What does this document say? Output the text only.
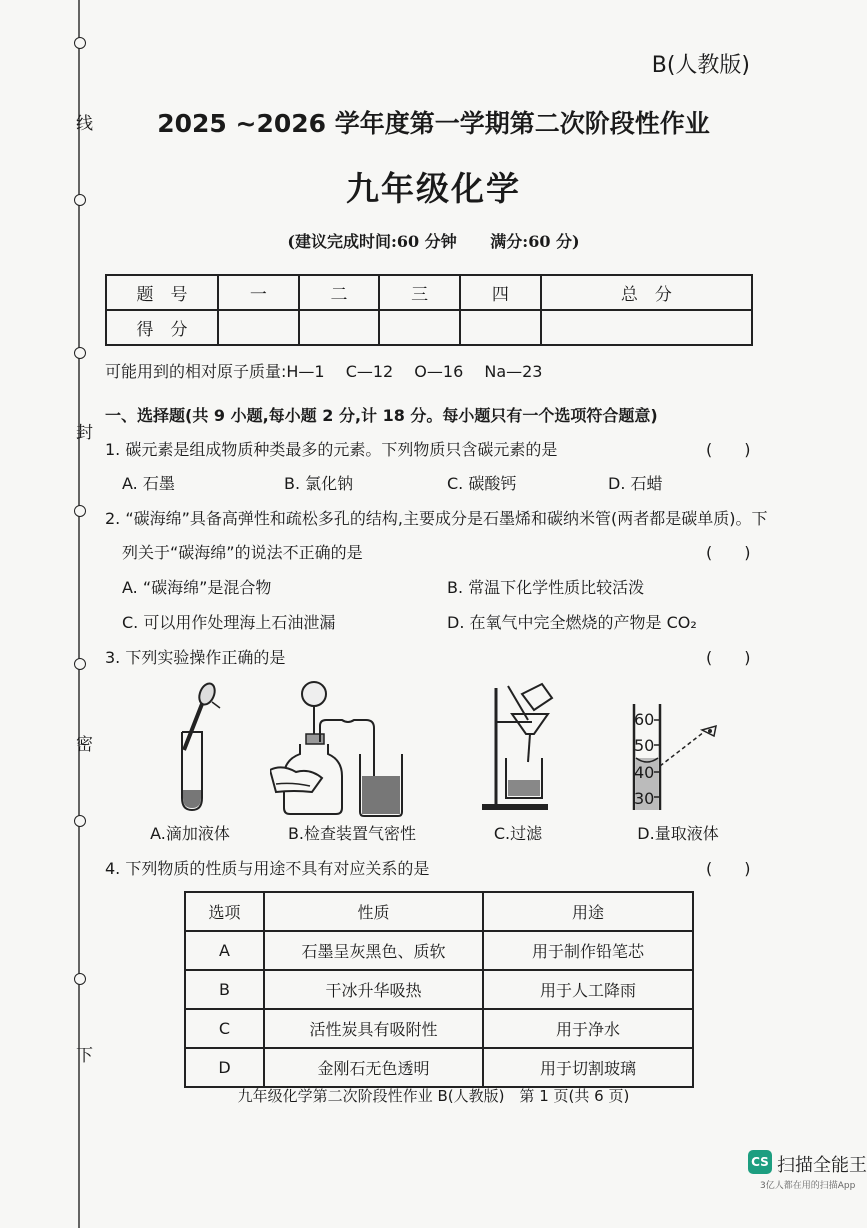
线
封
密
下
B(人教版)
2025 ~2026 学年度第一学期第二次阶段性作业
九年级化学
(建议完成时间:60 分钟 满分:60 分)
题　号	一	二	三	四	总　分
得　分					
可能用到的相对原子质量:H—1　 C—12　 O—16　 Na—23
一、选择题(共 9 小题,每小题 2 分,计 18 分。每小题只有一个选项符合题意)
1. 碳元素是组成物质种类最多的元素。下列物质只含碳元素的是	(　　)
A. 石墨	B. 氯化钠	C. 碳酸钙	D. 石蜡
2. “碳海绵”具备高弹性和疏松多孔的结构,主要成分是石墨烯和碳纳米管(两者都是碳单质)。下
列关于“碳海绵”的说法不正确的是	(　　)
A. “碳海绵”是混合物	B. 常温下化学性质比较活泼
C. 可以用作处理海上石油泄漏	D. 在氧气中完全燃烧的产物是 CO₂
3. 下列实验操作正确的是	(　　)
60
50
40
30
A.滴加液体	B.检查装置气密性	C.过滤	D.量取液体
4. 下列物质的性质与用途不具有对应关系的是	(　　)
选项	性质	用途
A	石墨呈灰黑色、质软	用于制作铅笔芯
B	干冰升华吸热	用于人工降雨
C	活性炭具有吸附性	用于净水
D	金刚石无色透明	用于切割玻璃
九年级化学第二次阶段性作业 B(人教版)　第 1 页(共 6 页)
CS 扫描全能王
3亿人都在用的扫描App
